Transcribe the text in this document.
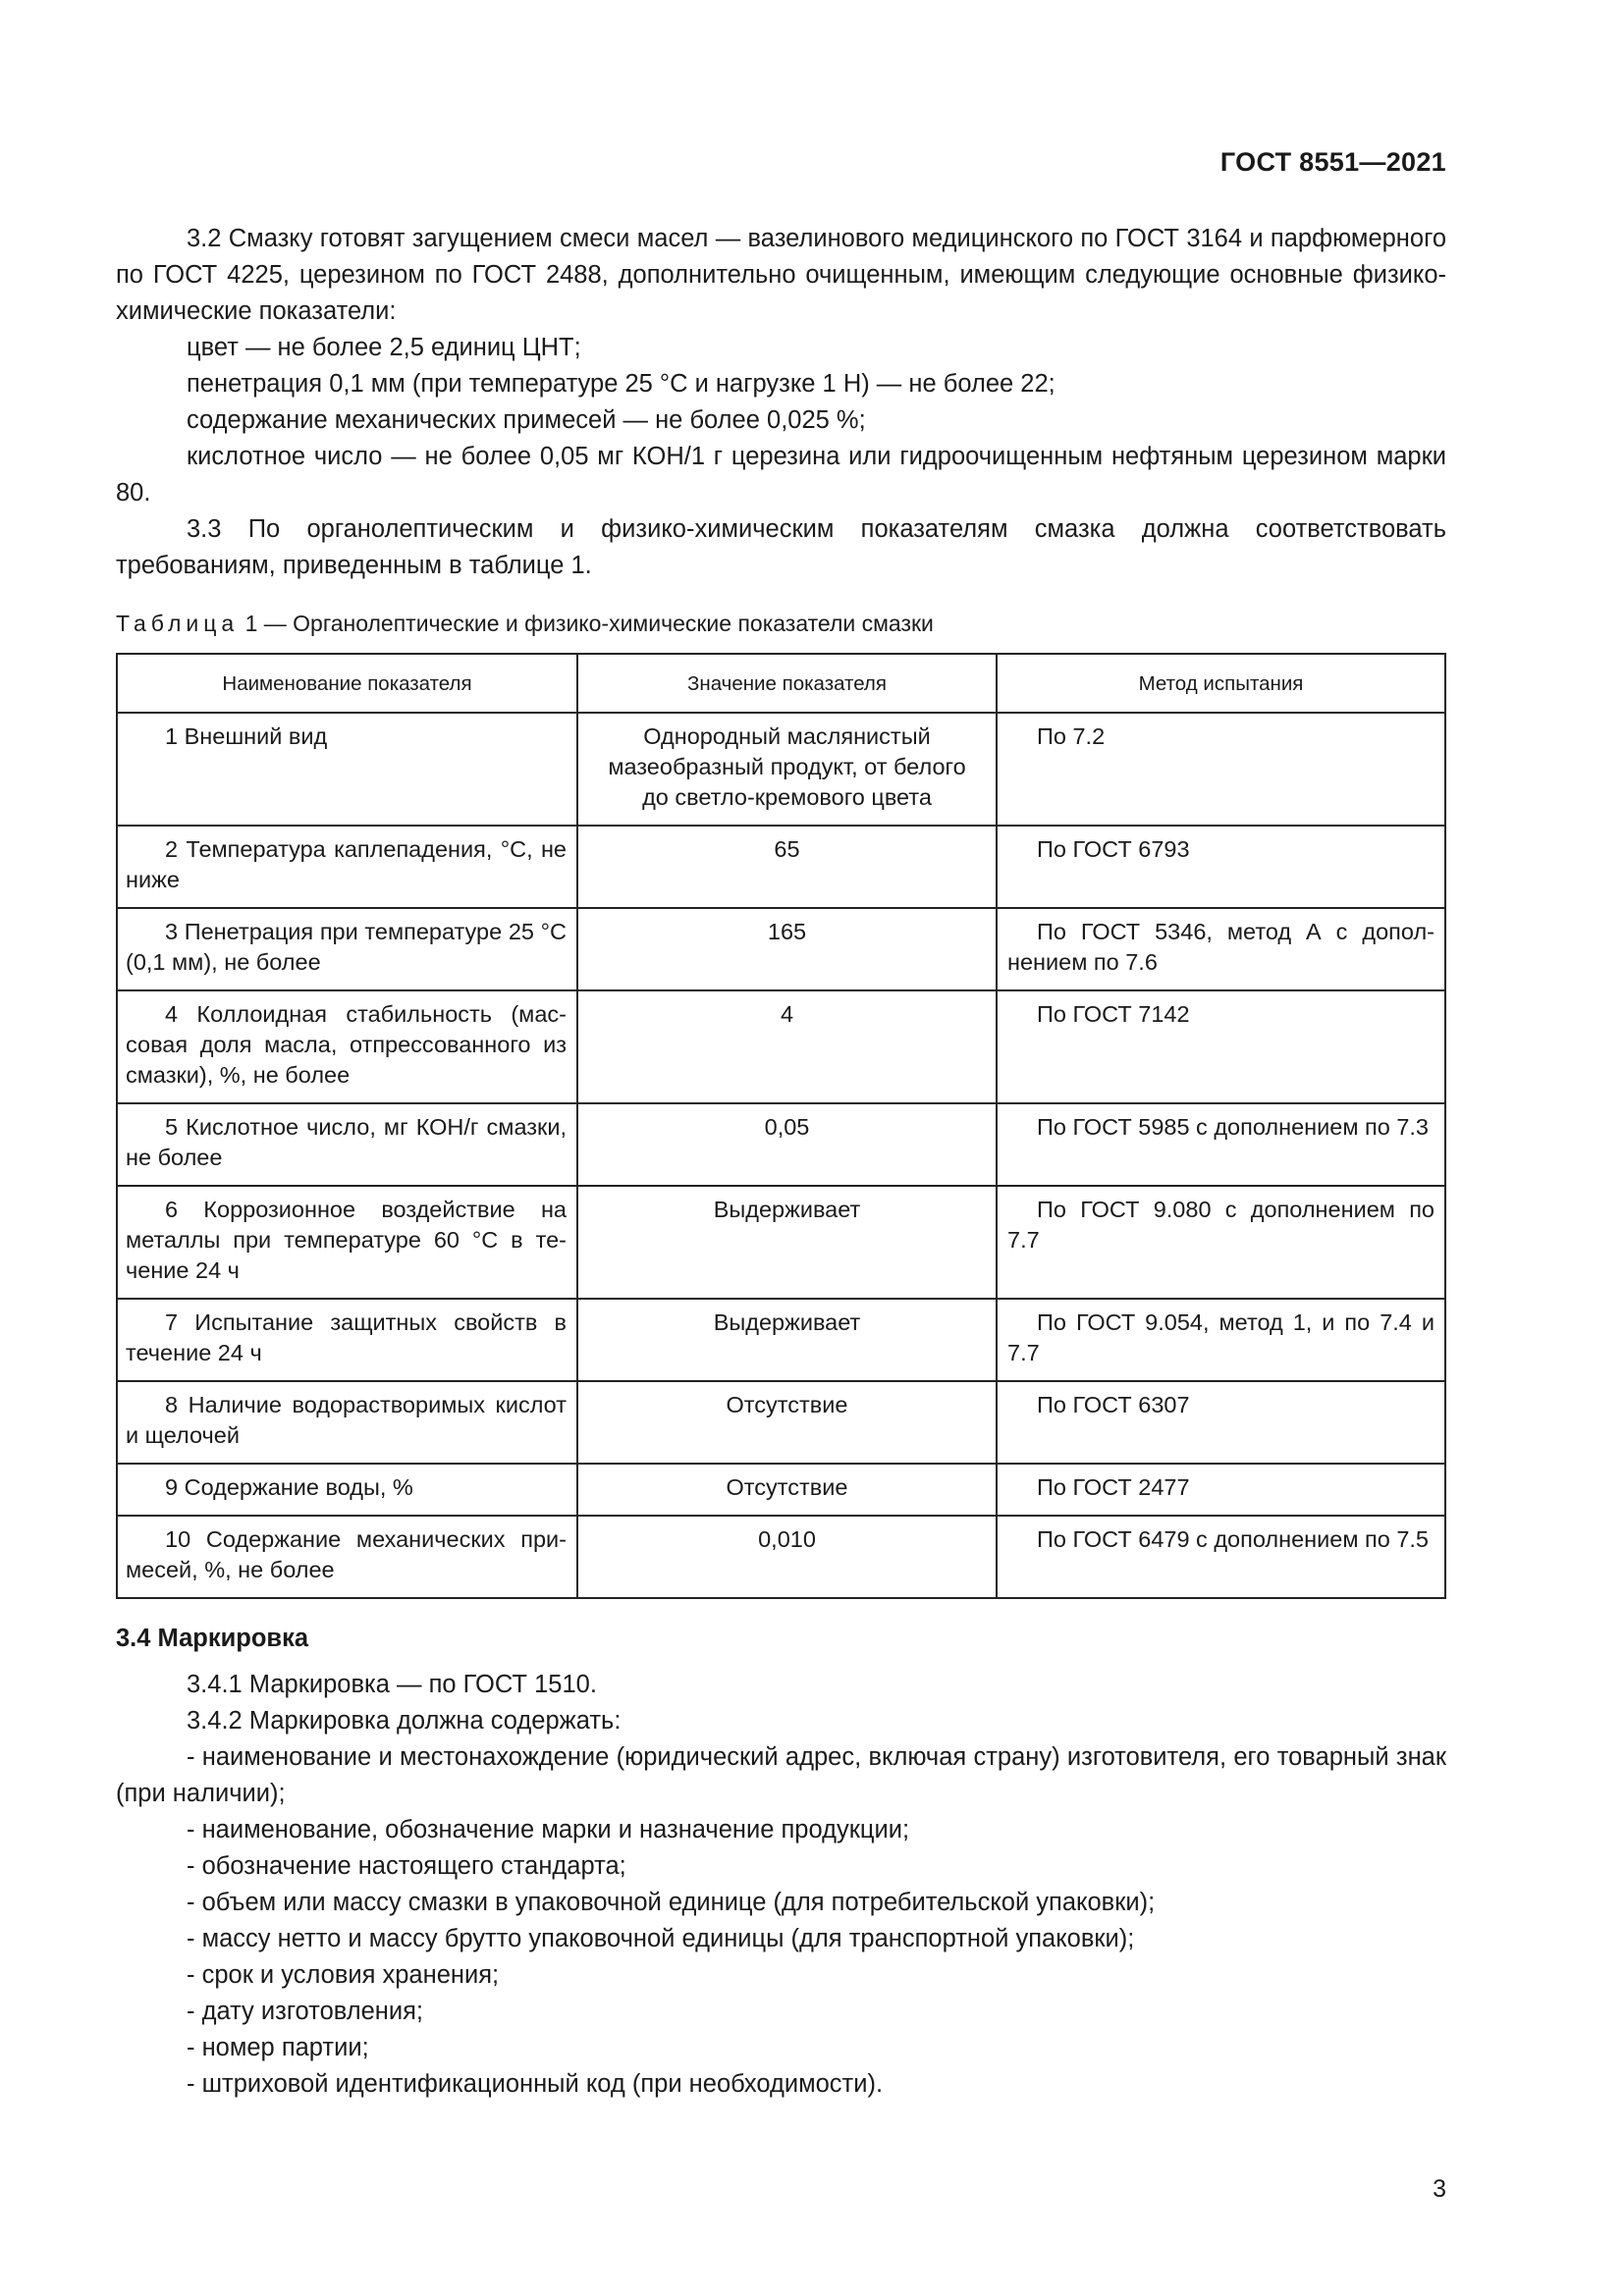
ГОСТ 8551—2021

3.2 Смазку готовят загущением смеси масел — вазелинового медицинского по ГОСТ 3164 и парфюмерного по ГОСТ 4225, церезином по ГОСТ 2488, дополнительно очищенным, имеющим следующие основные физико-химические показатели:

цвет — не более 2,5 единиц ЦНТ;

пенетрация 0,1 мм (при температуре 25 °С и нагрузке 1 Н) — не более 22;

содержание механических примесей — не более 0,025 %;

кислотное число — не более 0,05 мг КОН/1 г церезина или гидроочищенным нефтяным церезином марки 80.

3.3 По органолептическим и физико-химическим показателям смазка должна соответствовать требованиям, приведенным в таблице 1.

Таблица 1 — Органолептические и физико-химические показатели смазки
Наименование показателя	Значение показателя	Метод испытания
1 Внешний вид	Однородный маслянистый мазеобразный продукт, от белого до светло-кремового цвета	По 7.2
2 Температура каплепадения, °С, не ниже	65	По ГОСТ 6793
3 Пенетрация при температуре 25 °С (0,1 мм), не более	165	По ГОСТ 5346, метод А с дополнением по 7.6
4 Коллоидная стабильность (массовая доля масла, отпрессованного из смазки), %, не более	4	По ГОСТ 7142
5 Кислотное число, мг КОН/г смазки, не более	0,05	По ГОСТ 5985 с дополнением по 7.3
6 Коррозионное воздействие на металлы при температуре 60 °С в течение 24 ч	Выдерживает	По ГОСТ 9.080 с дополнением по 7.7
7 Испытание защитных свойств в течение 24 ч	Выдерживает	По ГОСТ 9.054, метод 1, и по 7.4 и 7.7
8 Наличие водорастворимых кислот и щелочей	Отсутствие	По ГОСТ 6307
9 Содержание воды, %	Отсутствие	По ГОСТ 2477
10 Содержание механических примесей, %, не более	0,010	По ГОСТ 6479 с дополнением по 7.5
3.4 Маркировка

3.4.1 Маркировка — по ГОСТ 1510.

3.4.2 Маркировка должна содержать:

- наименование и местонахождение (юридический адрес, включая страну) изготовителя, его товарный знак (при наличии);

- наименование, обозначение марки и назначение продукции;

- обозначение настоящего стандарта;

- объем или массу смазки в упаковочной единице (для потребительской упаковки);

- массу нетто и массу брутто упаковочной единицы (для транспортной упаковки);

- срок и условия хранения;

- дату изготовления;

- номер партии;

- штриховой идентификационный код (при необходимости).

3
